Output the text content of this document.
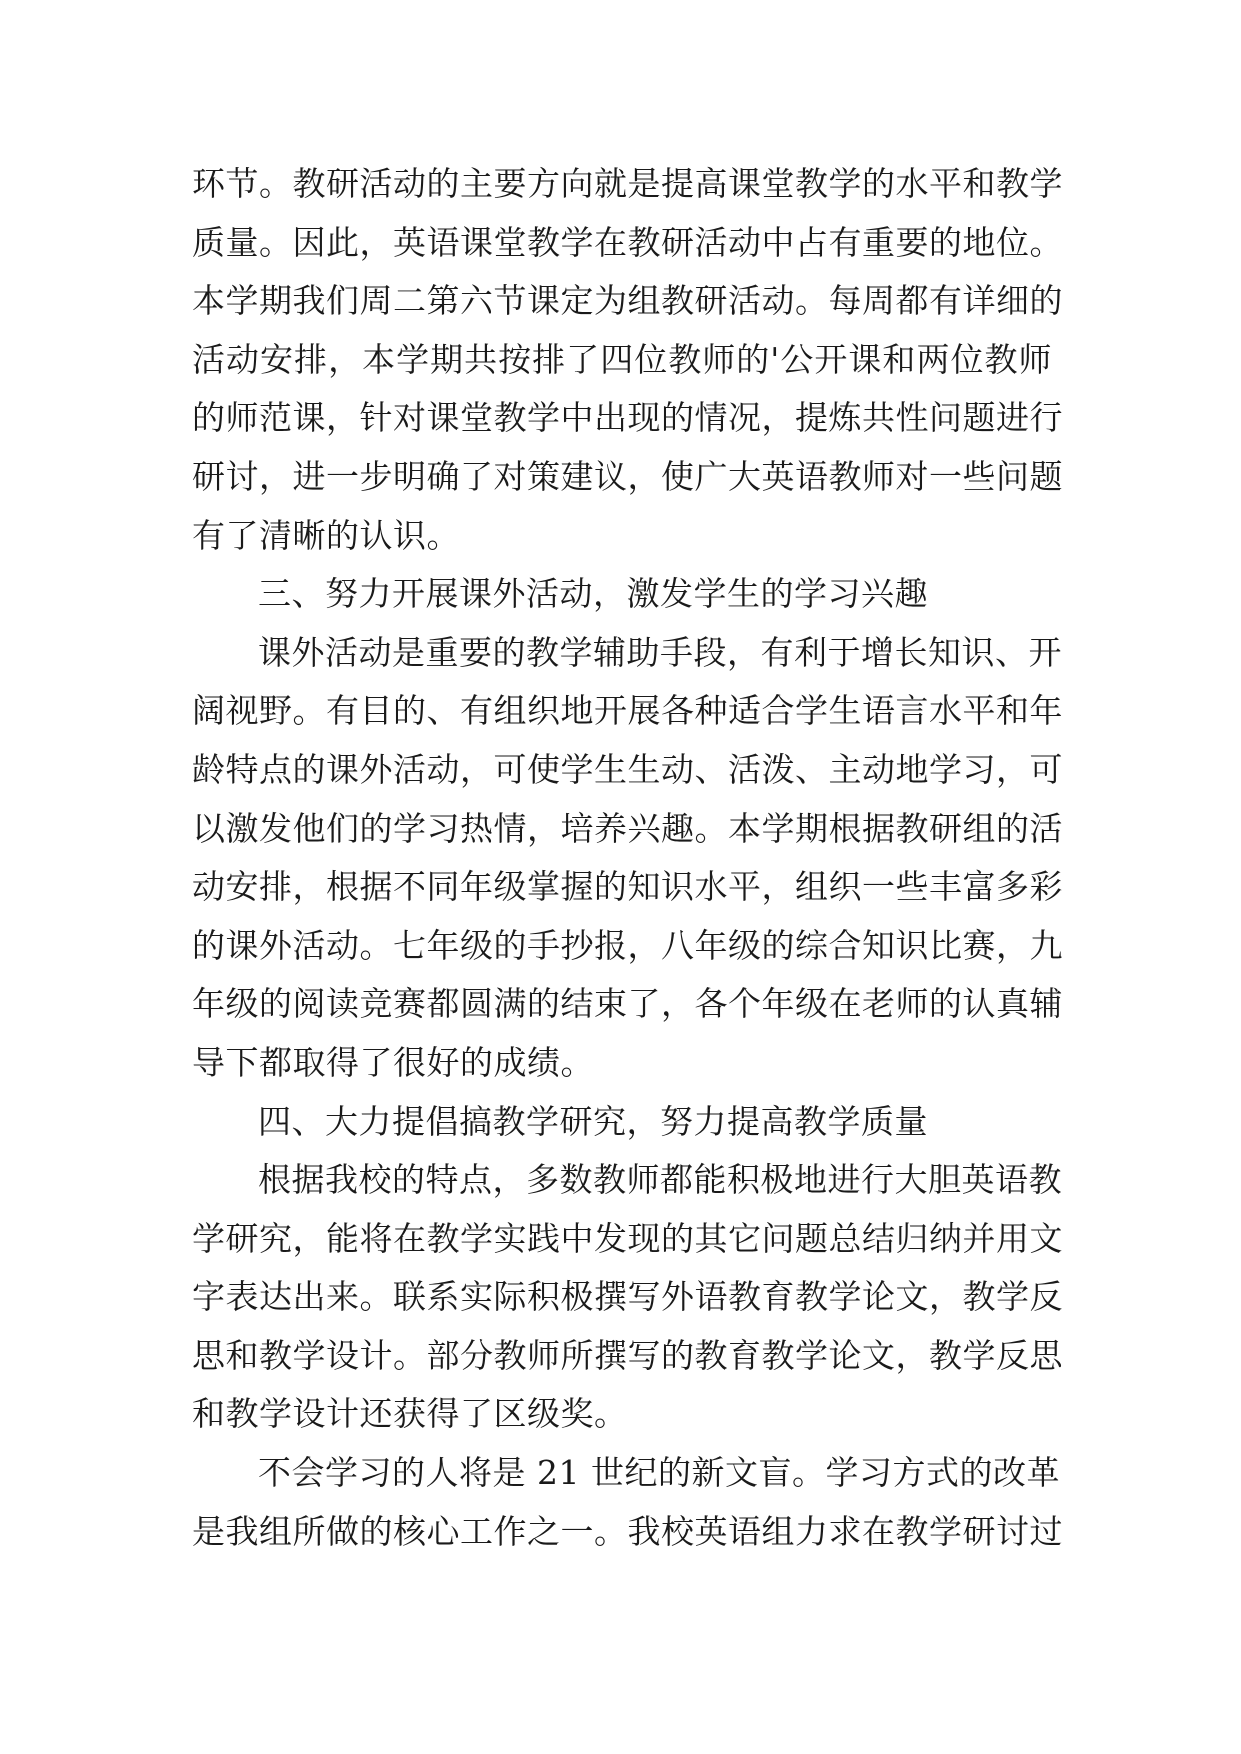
环节。教研活动的主要方向就是提高课堂教学的水平和教学
质量。因此，英语课堂教学在教研活动中占有重要的地位。
本学期我们周二第六节课定为组教研活动。每周都有详细的
活动安排，本学期共按排了四位教师的'公开课和两位教师
的师范课，针对课堂教学中出现的情况，提炼共性问题进行
研讨，进一步明确了对策建议，使广大英语教师对一些问题
有了清晰的认识。
三、努力开展课外活动，激发学生的学习兴趣
课外活动是重要的教学辅助手段，有利于增长知识、开
阔视野。有目的、有组织地开展各种适合学生语言水平和年
龄特点的课外活动，可使学生生动、活泼、主动地学习，可
以激发他们的学习热情，培养兴趣。本学期根据教研组的活
动安排，根据不同年级掌握的知识水平，组织一些丰富多彩
的课外活动。七年级的手抄报，八年级的综合知识比赛，九
年级的阅读竞赛都圆满的结束了，各个年级在老师的认真辅
导下都取得了很好的成绩。
四、大力提倡搞教学研究，努力提高教学质量
根据我校的特点，多数教师都能积极地进行大胆英语教
学研究，能将在教学实践中发现的其它问题总结归纳并用文
字表达出来。联系实际积极撰写外语教育教学论文，教学反
思和教学设计。部分教师所撰写的教育教学论文，教学反思
和教学设计还获得了区级奖。
不会学习的人将是 21 世纪的新文盲。学习方式的改革
是我组所做的核心工作之一。我校英语组力求在教学研讨过
